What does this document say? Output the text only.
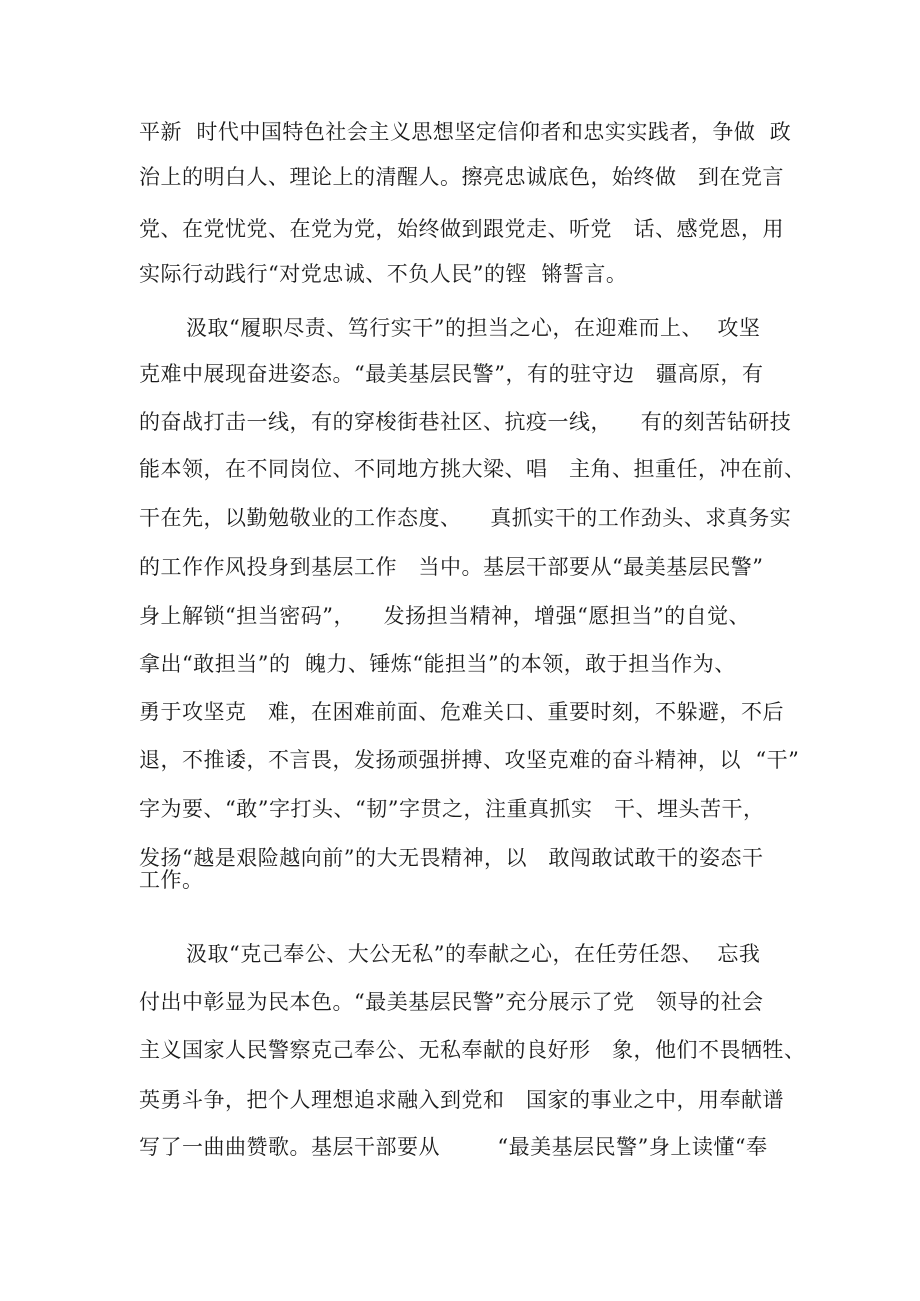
平新  时代中国特色社会主义思想坚定信仰者和忠实实践者，争做  政
治上的明白人、理论上的清醒人。擦亮忠诚底色，始终做   到在党言
党、在党忧党、在党为党，始终做到跟党走、听党   话、感党恩，用
实际行动践行“对党忠诚、不负人民”的铿  锵誓言。
汲取“履职尽责、笃行实干”的担当之心，在迎难而上、  攻坚
克难中展现奋进姿态。“最美基层民警”，有的驻守边   疆高原，有
的奋战打击一线，有的穿梭街巷社区、抗疫一线，    有的刻苦钻研技
能本领，在不同岗位、不同地方挑大梁、唱   主角、担重任，冲在前、
干在先，以勤勉敬业的工作态度、    真抓实干的工作劲头、求真务实
的工作作风投身到基层工作   当中。基层干部要从“最美基层民警”
身上解锁“担当密码”，    发扬担当精神，增强“愿担当”的自觉、
拿出“敢担当”的  魄力、锤炼“能担当”的本领，敢于担当作为、
勇于攻坚克   难，在困难前面、危难关口、重要时刻，不躲避，不后
退，不推诿，不言畏，发扬顽强拼搏、攻坚克难的奋斗精神，以  “干”
字为要、“敢”字打头、“韧”字贯之，注重真抓实   干、埋头苦干，
发扬“越是艰险越向前”的大无畏精神，以   敢闯敢试敢干的姿态干
工作。
汲取“克己奉公、大公无私”的奉献之心，在任劳任怨、  忘我
付出中彰显为民本色。“最美基层民警”充分展示了党   领导的社会
主义国家人民警察克己奉公、无私奉献的良好形   象，他们不畏牺牲、
英勇斗争，把个人理想追求融入到党和   国家的事业之中，用奉献谱
写了一曲曲赞歌。基层干部要从        “最美基层民警”身上读懂“奉
